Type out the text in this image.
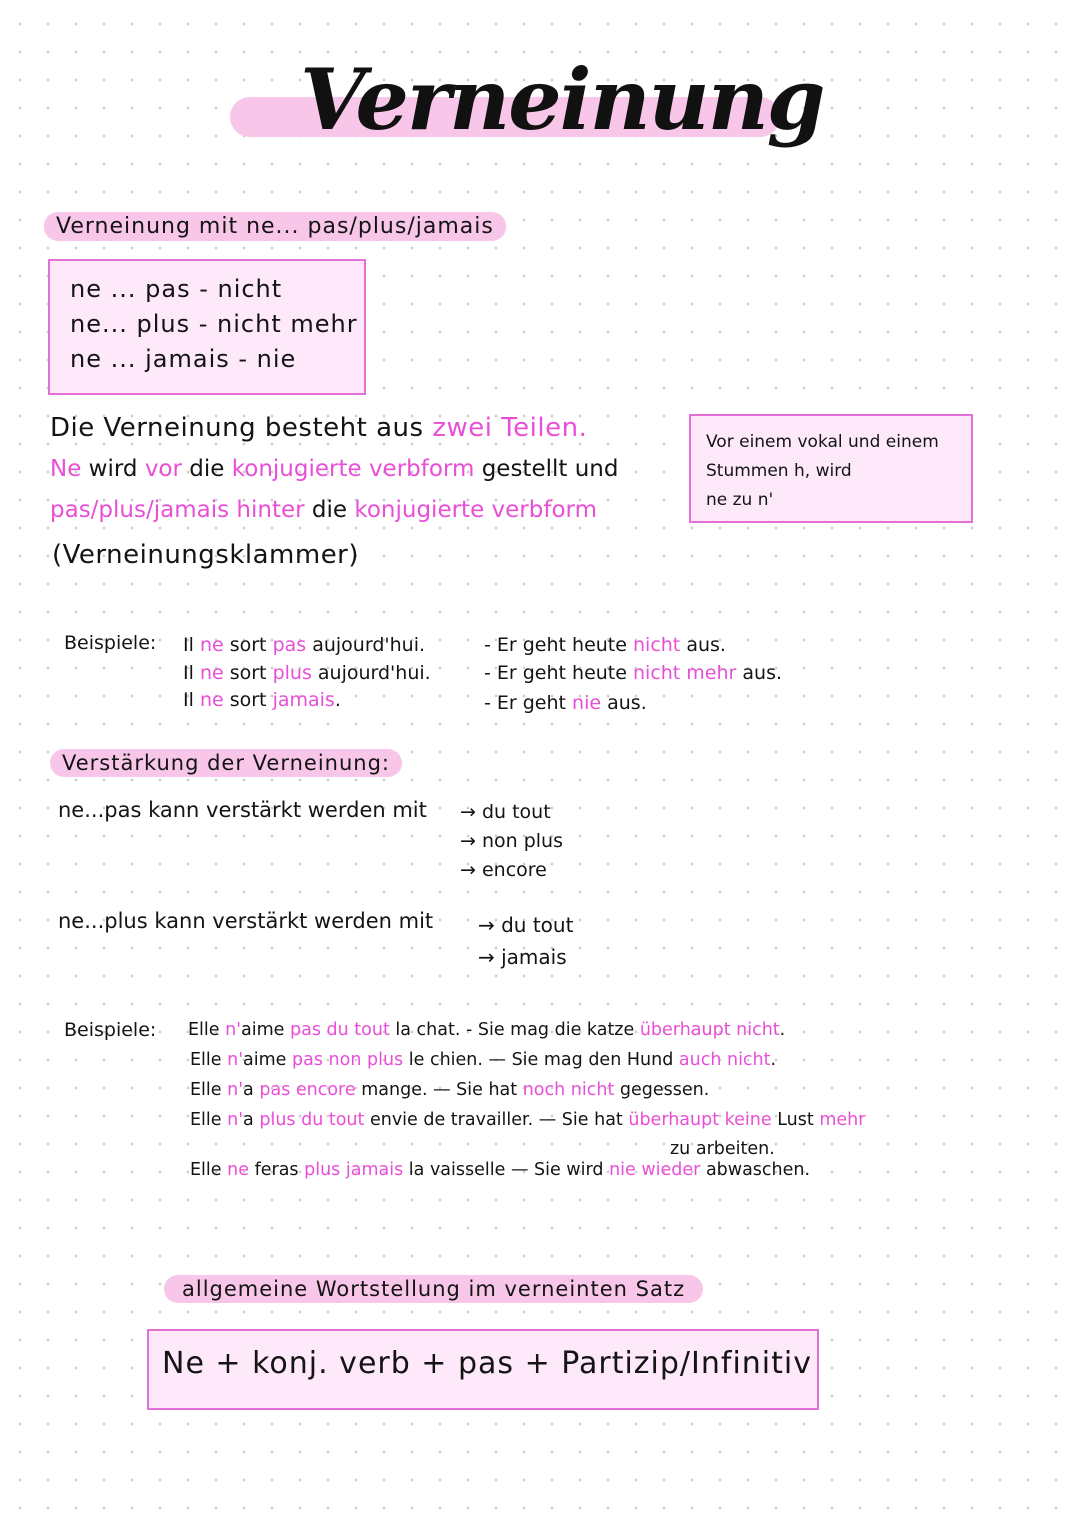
Verneinung
Verneinung mit ne... pas/plus/jamais
ne ... pas - nicht
ne... plus - nicht mehr
ne ... jamais - nie
Die Verneinung besteht aus zwei Teilen.
Ne wird vor die konjugierte verbform gestellt und
pas/plus/jamais hinter die konjugierte verbform
(Verneinungsklammer)
Vor einem vokal und einem
Stummen h, wird
ne zu n'
Beispiele: Il ne sort pas aujourd'hui.
Il ne sort plus aujourd'hui.
Il ne sort jamais.
- Er geht heute nicht aus.
- Er geht heute nicht mehr aus.
- Er geht nie aus.
Verstärkung der Verneinung:
ne...pas kann verstärkt werden mit → du tout
→ non plus
→ encore
ne...plus kann verstärkt werden mit → du tout
→ jamais
Beispiele: Elle n'aime pas du tout la chat. - Sie mag die katze überhaupt nicht.
Elle n'aime pas non plus le chien. — Sie mag den Hund auch nicht.
Elle n'a pas encore mange. — Sie hat noch nicht gegessen.
Elle n'a plus du tout envie de travailler. — Sie hat überhaupt keine Lust mehr
zu arbeiten.
Elle ne feras plus jamais la vaisselle — Sie wird nie wieder abwaschen.
allgemeine Wortstellung im verneinten Satz
Ne + konj. verb + pas + Partizip/Infinitiv
